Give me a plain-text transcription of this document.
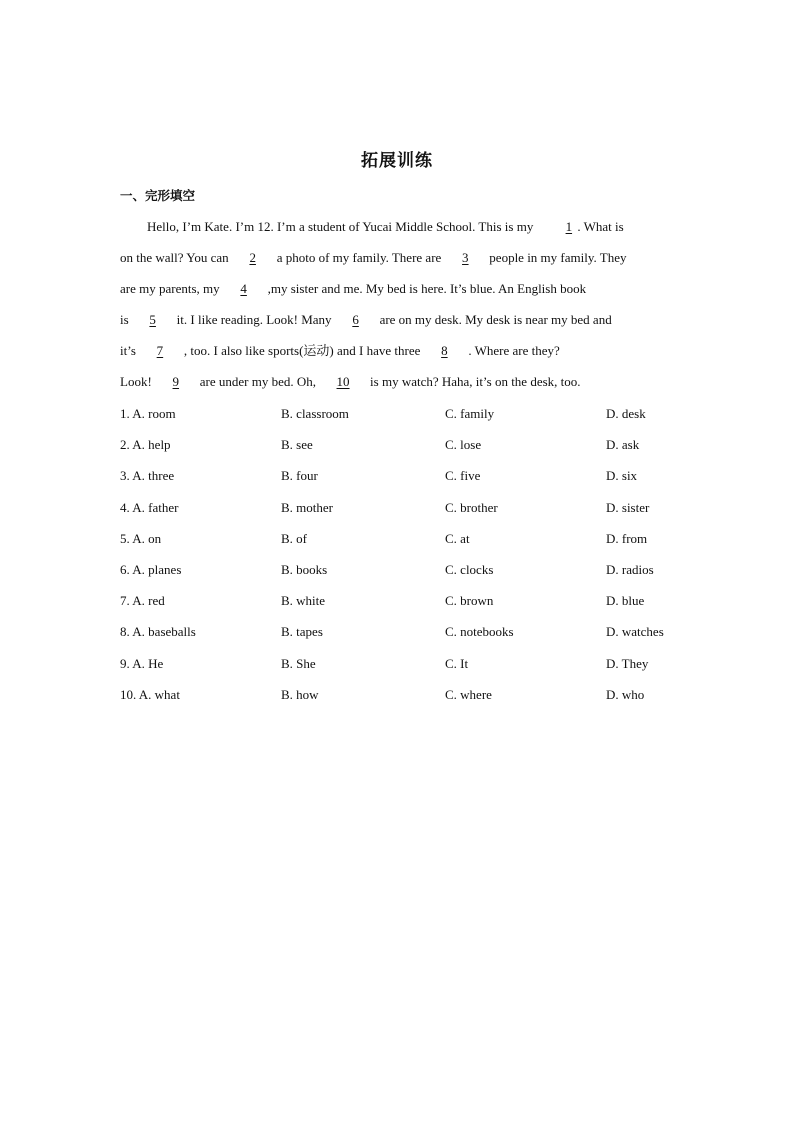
拓展训练
一、完形填空
Hello, I’m Kate. I’m 12. I’m a student of Yucai Middle School. This is my 1 . What is
on the wall? You can 2 a photo of my family. There are 3 people in my family. They
are my parents, my 4 ,my sister and me. My bed is here. It’s blue. An English book
is 5 it. I like reading. Look! Many 6 are on my desk. My desk is near my bed and
it’s 7 , too. I also like sports(运动) and I have three 8 . Where are they?
Look! 9 are under my bed. Oh, 10 is my watch? Haha, it’s on the desk, too.
1. A. room	B. classroom	C. family	D. desk
2. A. help	B. see	C. lose	D. ask
3. A. three	B. four	C. five	D. six
4. A. father	B. mother	C. brother	D. sister
5. A. on	B. of	C. at	D. from
6. A. planes	B. books	C. clocks	D. radios
7. A. red	B. white	C. brown	D. blue
8. A. baseballs	B. tapes	C. notebooks	D. watches
9. A. He	B. She	C. It	D. They
10. A. what	B. how	C. where	D. who
